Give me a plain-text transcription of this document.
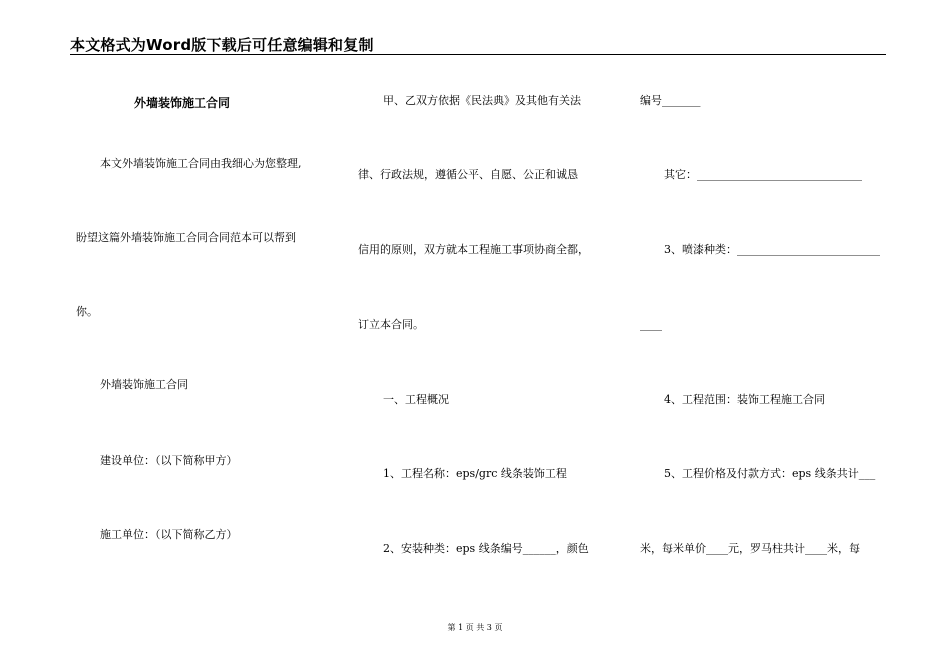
本文格式为Word版下载后可任意编辑和复制
外墙装饰施工合同
本文外墙装饰施工合同由我细心为您整理,
盼望这篇外墙装饰施工合同合同范本可以帮到
你。
外墙装饰施工合同
建设单位：（以下简称甲方）
施工单位：（以下简称乙方）
甲、乙双方依据《民法典》及其他有关法
律、行政法规，遵循公平、自愿、公正和诚恳
信用的原则，双方就本工程施工事项协商全都，
订立本合同。
一、工程概况
1、工程名称：eps/grc 线条装饰工程
2、安装种类：eps 线条编号______，颜色
编号_______
其它：______________________________
3、喷漆种类：__________________________
____
4、工程范围：装饰工程施工合同
5、工程价格及付款方式：eps 线条共计___
米，每米单价____元，罗马柱共计____米，每
第 1 页 共 3 页
